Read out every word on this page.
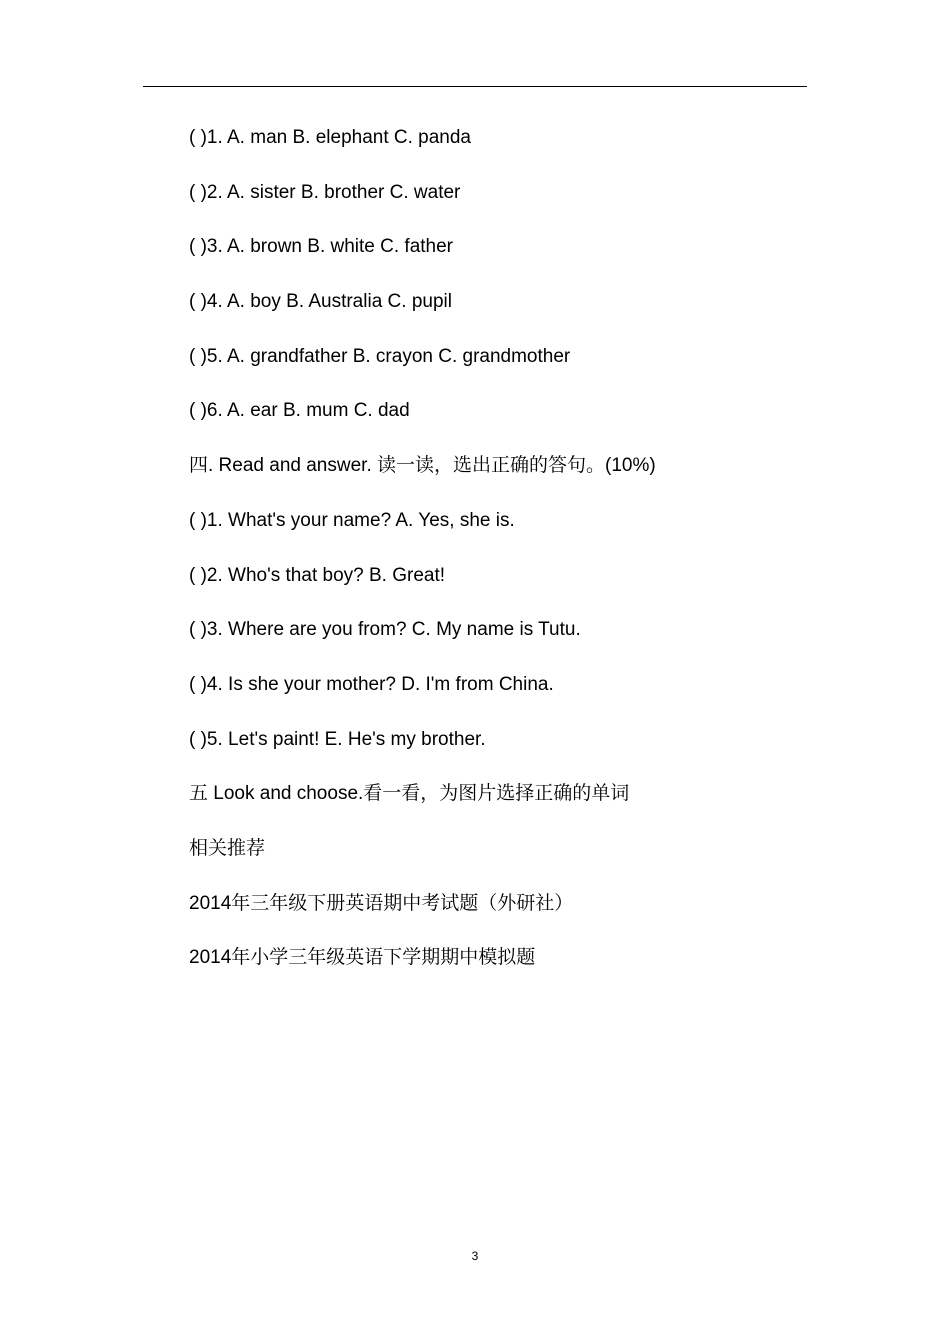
( )1. A. man B. elephant C. panda
( )2. A. sister B. brother C. water
( )3. A. brown B. white C. father
( )4. A. boy B. Australia C. pupil
( )5. A. grandfather B. crayon C. grandmother
( )6. A. ear B. mum C. dad
四. Read and answer. 读一读，选出正确的答句。(10%)
( )1. What's your name? A. Yes, she is.
( )2. Who's that boy? B. Great!
( )3. Where are you from? C. My name is Tutu.
( )4. Is she your mother? D. I'm from China.
( )5. Let's paint! E. He's my brother.
五 Look and choose.看一看，为图片选择正确的单词
相关推荐
2014年三年级下册英语期中考试题（外研社）
2014年小学三年级英语下学期期中模拟题
3
